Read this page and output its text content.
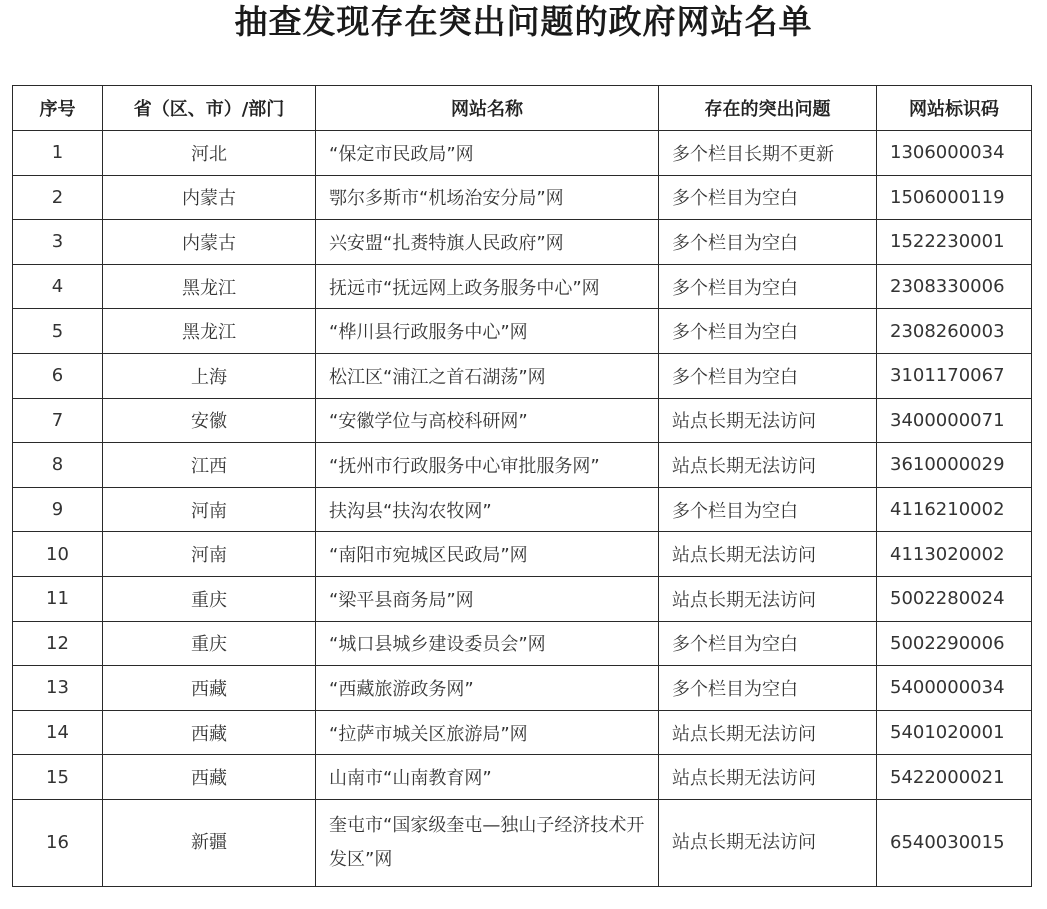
抽查发现存在突出问题的政府网站名单
序号	省（区、市）/部门	网站名称	存在的突出问题	网站标识码
1	河北	“保定市民政局”网	多个栏目长期不更新	1306000034
2	内蒙古	鄂尔多斯市“机场治安分局”网	多个栏目为空白	1506000119
3	内蒙古	兴安盟“扎赉特旗人民政府”网	多个栏目为空白	1522230001
4	黑龙江	抚远市“抚远网上政务服务中心”网	多个栏目为空白	2308330006
5	黑龙江	“桦川县行政服务中心”网	多个栏目为空白	2308260003
6	上海	松江区“浦江之首石湖荡”网	多个栏目为空白	3101170067
7	安徽	“安徽学位与高校科研网”	站点长期无法访问	3400000071
8	江西	“抚州市行政服务中心审批服务网”	站点长期无法访问	3610000029
9	河南	扶沟县“扶沟农牧网”	多个栏目为空白	4116210002
10	河南	“南阳市宛城区民政局”网	站点长期无法访问	4113020002
11	重庆	“梁平县商务局”网	站点长期无法访问	5002280024
12	重庆	“城口县城乡建设委员会”网	多个栏目为空白	5002290006
13	西藏	“西藏旅游政务网”	多个栏目为空白	5400000034
14	西藏	“拉萨市城关区旅游局”网	站点长期无法访问	5401020001
15	西藏	山南市“山南教育网”	站点长期无法访问	5422000021
16	新疆	奎屯市“国家级奎屯—独山子经济技术开发区”网	站点长期无法访问	6540030015
